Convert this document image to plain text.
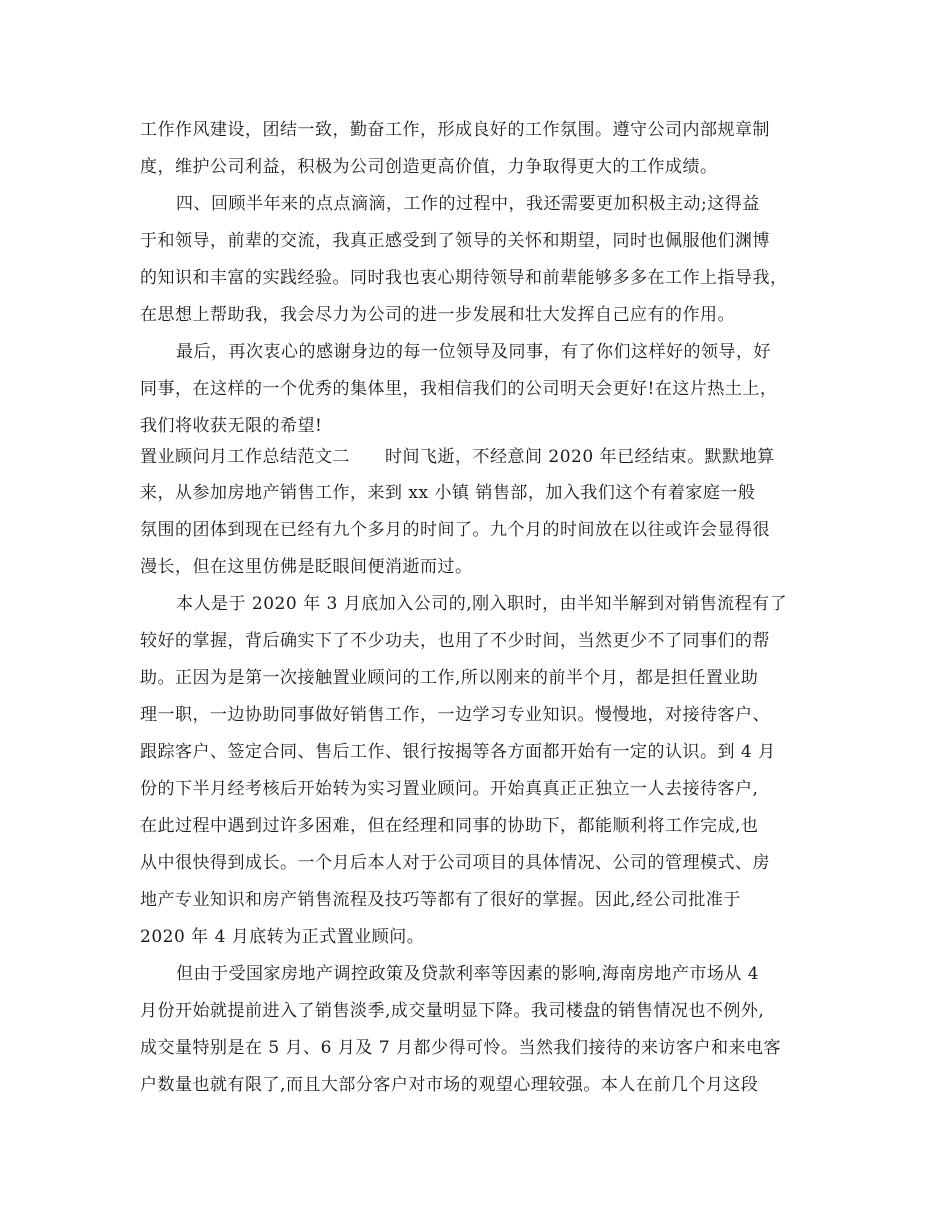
工作作风建设，团结一致，勤奋工作，形成良好的工作氛围。遵守公司内部规章制
度，维护公司利益，积极为公司创造更高价值，力争取得更大的工作成绩。
四、回顾半年来的点点滴滴，工作的过程中，我还需要更加积极主动;这得益
于和领导，前辈的交流，我真正感受到了领导的关怀和期望，同时也佩服他们渊博
的知识和丰富的实践经验。同时我也衷心期待领导和前辈能够多多在工作上指导我，
在思想上帮助我，我会尽力为公司的进一步发展和壮大发挥自己应有的作用。
最后，再次衷心的感谢身边的每一位领导及同事，有了你们这样好的领导，好
同事，在这样的一个优秀的集体里，我相信我们的公司明天会更好!在这片热土上，
我们将收获无限的希望!
置业顾问月工作总结范文二　　时间飞逝，不经意间 2020 年已经结束。默默地算
来，从参加房地产销售工作，来到 xx 小镇 销售部，加入我们这个有着家庭一般
氛围的团体到现在已经有九个多月的时间了。九个月的时间放在以往或许会显得很
漫长，但在这里仿佛是眨眼间便消逝而过。
本人是于 2020 年 3 月底加入公司的,刚入职时，由半知半解到对销售流程有了
较好的掌握，背后确实下了不少功夫，也用了不少时间，当然更少不了同事们的帮
助。正因为是第一次接触置业顾问的工作,所以刚来的前半个月，都是担任置业助
理一职，一边协助同事做好销售工作，一边学习专业知识。慢慢地，对接待客户、
跟踪客户、签定合同、售后工作、银行按揭等各方面都开始有一定的认识。到 4 月
份的下半月经考核后开始转为实习置业顾问。开始真真正正独立一人去接待客户,
在此过程中遇到过许多困难，但在经理和同事的协助下，都能顺利将工作完成,也
从中很快得到成长。一个月后本人对于公司项目的具体情况、公司的管理模式、房
地产专业知识和房产销售流程及技巧等都有了很好的掌握。因此,经公司批准于
2020 年 4 月底转为正式置业顾问。
但由于受国家房地产调控政策及贷款利率等因素的影响,海南房地产市场从 4
月份开始就提前进入了销售淡季,成交量明显下降。我司楼盘的销售情况也不例外,
成交量特别是在 5 月、6 月及 7 月都少得可怜。当然我们接待的来访客户和来电客
户数量也就有限了,而且大部分客户对市场的观望心理较强。本人在前几个月这段
